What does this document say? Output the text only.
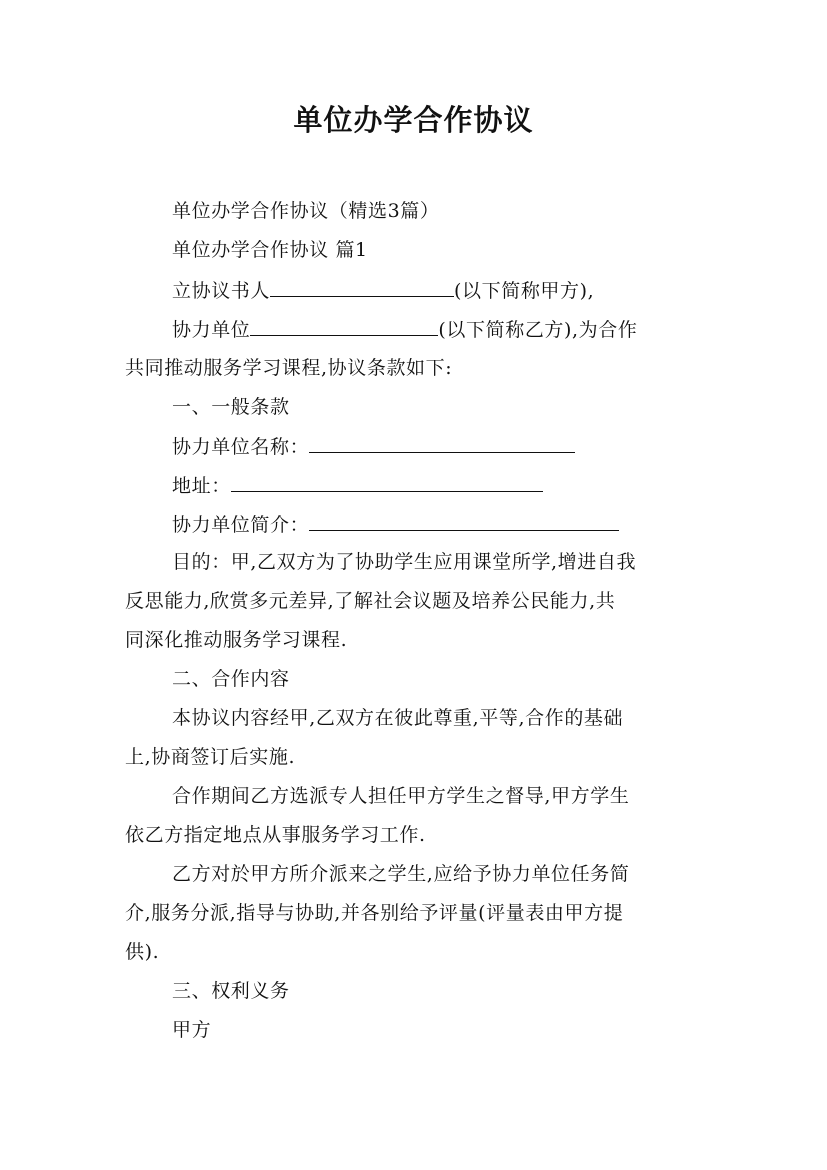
单位办学合作协议
单位办学合作协议（精选3篇）
单位办学合作协议 篇1
立协议书人	(以下简称甲方),
协力单位	(以下简称乙方),为合作
共同推动服务学习课程,协议条款如下:
一、一般条款
协力单位名称：
地址：
协力单位简介：
目的：甲,乙双方为了协助学生应用课堂所学,增进自我
反思能力,欣赏多元差异,了解社会议题及培养公民能力,共
同深化推动服务学习课程.
二、合作内容
本协议内容经甲,乙双方在彼此尊重,平等,合作的基础
上,协商签订后实施.
合作期间乙方选派专人担任甲方学生之督导,甲方学生
依乙方指定地点从事服务学习工作.
乙方对於甲方所介派来之学生,应给予协力单位任务简
介,服务分派,指导与协助,并各别给予评量(评量表由甲方提
供).
三、权利义务
甲方
